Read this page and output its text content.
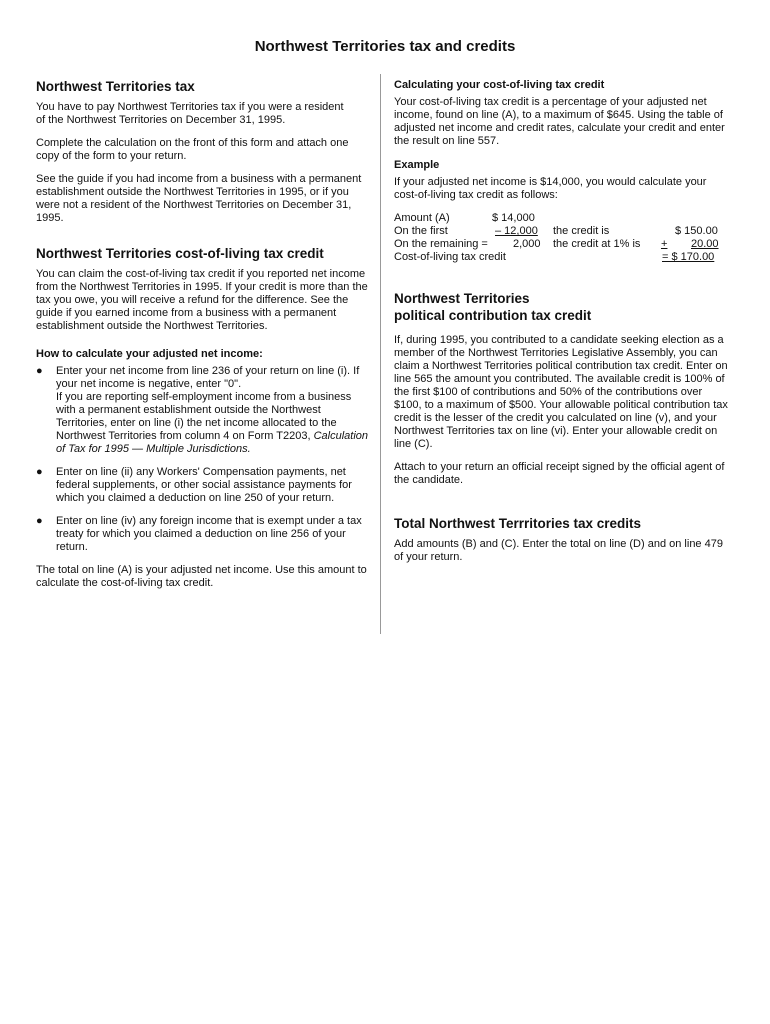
Northwest Territories tax and credits
Northwest Territories tax

You have to pay Northwest Territories tax if you were a resident of the Northwest Territories on December 31, 1995.

Complete the calculation on the front of this form and attach one copy of the form to your return.

See the guide if you had income from a business with a permanent establishment outside the Northwest Territories in 1995, or if you were not a resident of the Northwest Territories on December 31, 1995.

Northwest Territories cost-of-living tax credit

You can claim the cost-of-living tax credit if you reported net income from the Northwest Territories in 1995. If your credit is more than the tax you owe, you will receive a refund for the difference. See the guide if you earned income from a business with a permanent establishment outside the Northwest Territories.

How to calculate your adjusted net income:
● Enter your net income from line 236 of your return on line (i). If your net income is negative, enter "0".
If you are reporting self-employment income from a business with a permanent establishment outside the Northwest Territories, enter on line (i) the net income allocated to the Northwest Territories from column 4 on Form T2203, Calculation of Tax for 1995 — Multiple Jurisdictions.
● Enter on line (ii) any Workers' Compensation payments, net federal supplements, or other social assistance payments for which you claimed a deduction on line 250 of your return.
● Enter on line (iv) any foreign income that is exempt under a tax treaty for which you claimed a deduction on line 256 of your return.

The total on line (A) is your adjusted net income. Use this amount to calculate the cost-of-living tax credit.

Calculating your cost-of-living tax credit

Your cost-of-living tax credit is a percentage of your adjusted net income, found on line (A), to a maximum of $645. Using the table of adjusted net income and credit rates, calculate your credit and enter the result on line 557.

Example

If your adjusted net income is $14,000, you would calculate your cost-of-living tax credit as follows:

Amount (A)	$ 14,000
On the first	– 12,000 the credit is	$ 150.00
On the remaining = 2,000 the credit at 1% is + 20.00
Cost-of-living tax credit	= $ 170.00
Northwest Territories
political contribution tax credit

If, during 1995, you contributed to a candidate seeking election as a member of the Northwest Territories Legislative Assembly, you can claim a Northwest Territories political contribution tax credit. Enter on line 565 the amount you contributed. The available credit is 100% of the first $100 of contributions and 50% of the contributions over $100, to a maximum of $500. Your allowable political contribution tax credit is the lesser of the credit you calculated on line (v), and your Northwest Territories tax on line (vi). Enter your allowable credit on line (C).

Attach to your return an official receipt signed by the official agent of the candidate.

Total Northwest Terrritories tax credits

Add amounts (B) and (C). Enter the total on line (D) and on line 479 of your return.
